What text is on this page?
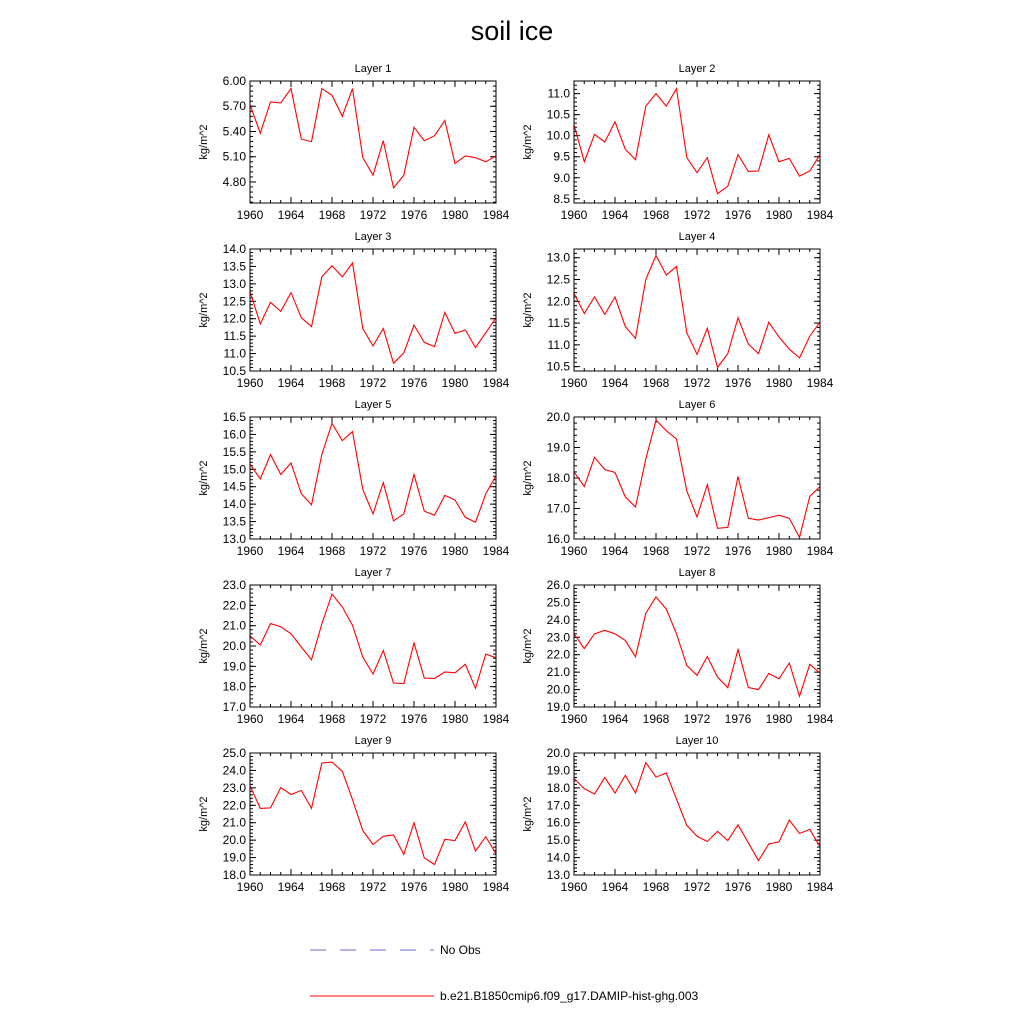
soil ice
Layer 1
kg/m^2
1960 1964 1968 1972 1976 1980 1984
4.80
5.10
5.40
5.70
6.00
Layer 2
kg/m^2
1960 1964 1968 1972 1976 1980 1984
8.5
9.0
9.5
10.0
10.5
11.0
Layer 3
kg/m^2
1960 1964 1968 1972 1976 1980 1984
10.5
11.0
11.5
12.0
12.5
13.0
13.5
14.0
Layer 4
kg/m^2
1960 1964 1968 1972 1976 1980 1984
10.5
11.0
11.5
12.0
12.5
13.0
Layer 5
kg/m^2
1960 1964 1968 1972 1976 1980 1984
13.0
13.5
14.0
14.5
15.0
15.5
16.0
16.5
Layer 6
kg/m^2
1960 1964 1968 1972 1976 1980 1984
16.0
17.0
18.0
19.0
20.0
Layer 7
kg/m^2
1960 1964 1968 1972 1976 1980 1984
17.0
18.0
19.0
20.0
21.0
22.0
23.0
Layer 8
kg/m^2
1960 1964 1968 1972 1976 1980 1984
19.0
20.0
21.0
22.0
23.0
24.0
25.0
26.0
Layer 9
kg/m^2
1960 1964 1968 1972 1976 1980 1984
18.0
19.0
20.0
21.0
22.0
23.0
24.0
25.0
Layer 10
kg/m^2
1960 1964 1968 1972 1976 1980 1984
13.0
14.0
15.0
16.0
17.0
18.0
19.0
20.0
No Obs
b.e21.B1850cmip6.f09_g17.DAMIP-hist-ghg.003
